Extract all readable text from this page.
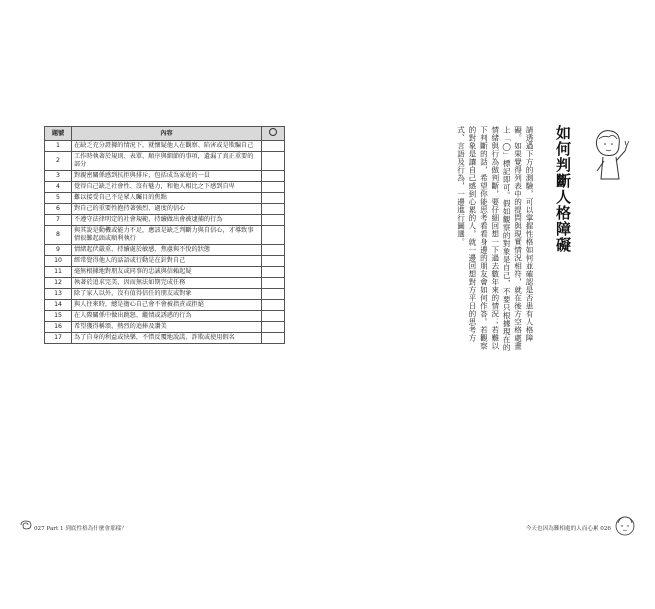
題號	內容	
1	在缺乏充分證據的情況下，就懷疑他人在觀察、陷害或是欺騙自己	
2	工作時執著於規則、表單、順序與細節的事項，遺漏了真正重要的部分	
3	對親密關係感到抗拒與排斥，包括成為家庭的一員	
4	覺得自己缺乏社會性、沒有魅力，和他人相比之下感到自卑	
5	難以接受自己不是眾人矚目的焦點	
6	對自己的重要性抱持著強烈、過度的信心	
7	不遵守法律明定的社會規範，持續做出會被逮捕的行為	
8	與其說是動機或能力不足，應該是缺乏判斷力與自信心，才導致事情很難起頭或順利執行	
9	情緒起伏嚴重，持續處於敏感、焦慮與不悅的狀態	
10	經常覺得他人的話語或行動是在針對自己	
11	毫無根據地對朋友或同事的忠誠與信賴起疑	
12	執著於追求完美，因而無法如期完成任務	
13	除了家人以外，沒有值得信任的朋友或對象	
14	與人往來時，總是擔心自己會不會被指責或拒絕	
15	在人際關係中做出跳怒、繼情或誘惑的行為	
16	希望獲得稱頌、熱烈的追捧及讚美	
17	為了自身的利益或快樂，不惜反覆地說謊、詐欺或使用假名	
如何判斷人格障礙
請透過下方的測驗，可以掌握性格如何並確認是否患有人格障礙。如果覺得列表中的提問與現實情況相符，就在後方空格處畫上「◯」標記即可。假如觀察的對象是自己，不要只根據現在的情緒與行為做判斷，要仔細回想一下過去數年來的情況；若難以下判斷的話，希望你能思考看看身邊的朋友會如何作答。若觀察的對象是讓自己感到心累的人，就一邊回想對方平日的思考方式、言語及行為，一邊進行圖選。
027 Part 1 到底性格為什麼會那樣？	今天也因為難相處的人而心累 026
